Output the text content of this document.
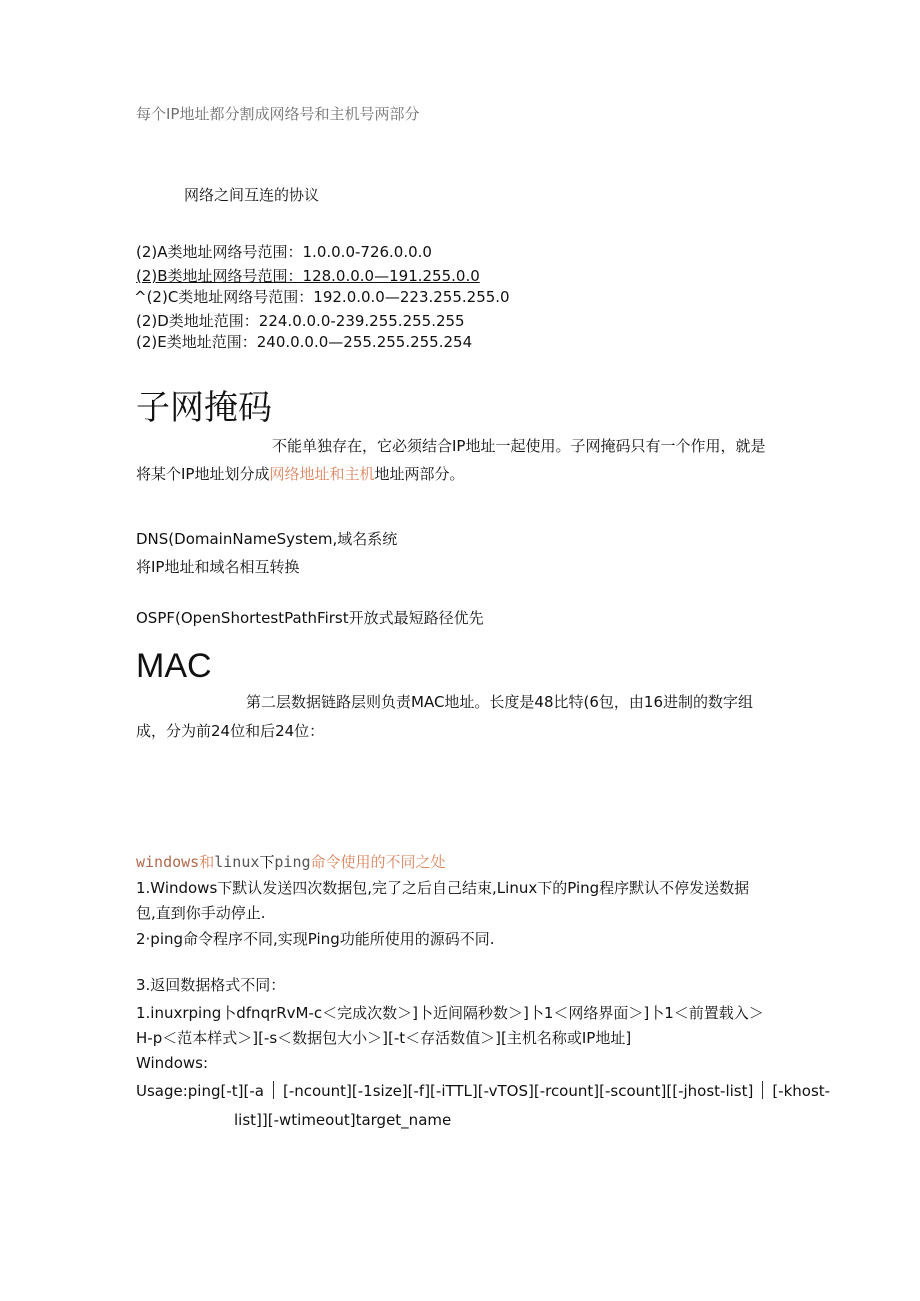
每个IP地址都分割成网络号和主机号两部分
网络之间互连的协议
(2)A类地址网络号范围：1.0.0.0-726.0.0.0
(2)B类地址网络号范围：128.0.0.0—191.255.0.0
^(2)C类地址网络号范围：192.0.0.0—223.255.255.0
(2)D类地址范围：224.0.0.0-239.255.255.255
(2)E类地址范围：240.0.0.0—255.255.255.254
子网掩码
不能单独存在，它必须结合IP地址一起使用。子网掩码只有一个作用，就是
将某个IP地址划分成网络地址和主机地址两部分。
DNS(DomainNameSystem,域名系统
将IP地址和域名相互转换
OSPF(OpenShortestPathFirst开放式最短路径优先
MAC
第二层数据链路层则负责MAC地址。长度是48比特(6包，由16进制的数字组
成，分为前24位和后24位：
windows和linux下ping命令使用的不同之处
1.Windows下默认发送四次数据包,完了之后自己结束,Linux下的Ping程序默认不停发送数据
包,直到你手动停止.
2·ping命令程序不同,实现Ping功能所使用的源码不同.
3.返回数据格式不同：
1.inuxrping卜dfnqrRvM-c＜完成次数＞]卜近间隔秒数＞]卜1＜网络界面＞]卜1＜前置载入＞
H-p＜范本样式＞][-s＜数据包大小＞][-t＜存活数值＞][主机名称或IP地址]
Windows:
Usage:ping[-t][-a [-ncount][-1size][-f][-iTTL][-vTOS][-rcount][-scount][[-jhost-list] [-khost-
list]][-wtimeout]target_name
